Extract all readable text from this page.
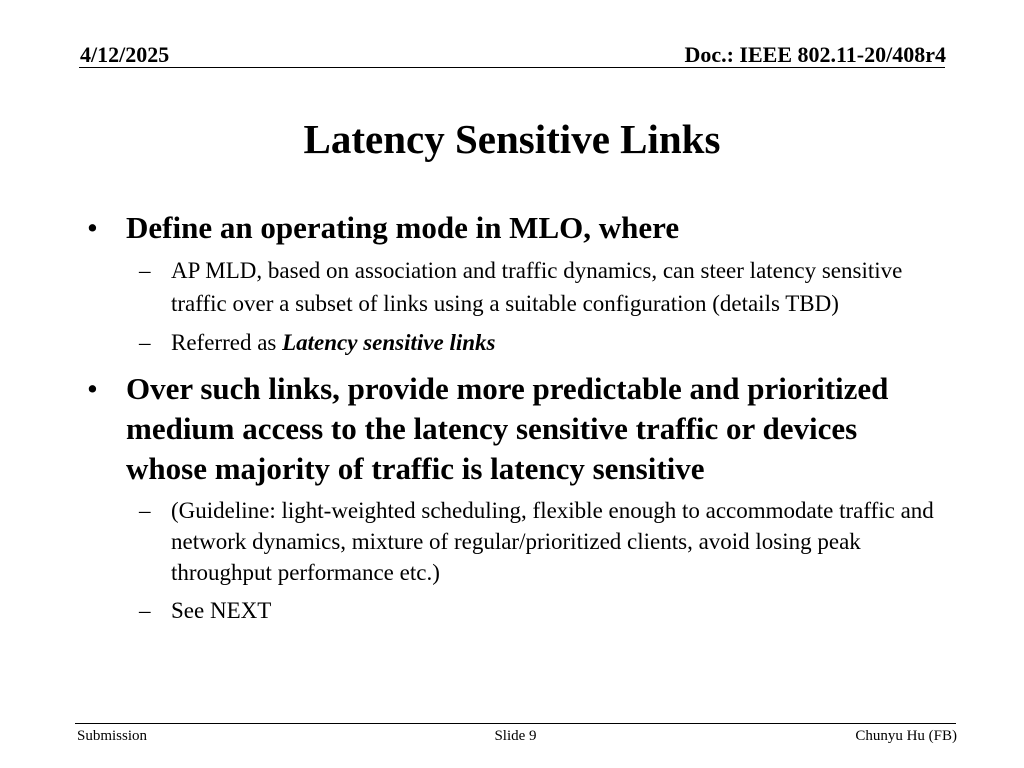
4/12/2025	Doc.: IEEE 802.11-20/408r4
Latency Sensitive Links
• Define an operating mode in MLO, where
– AP MLD, based on association and traffic dynamics, can steer latency sensitive traffic over a subset of links using a suitable configuration (details TBD)
– Referred as Latency sensitive links
• Over such links, provide more predictable and prioritized medium access to the latency sensitive traffic or devices whose majority of traffic is latency sensitive
– (Guideline: light-weighted scheduling, flexible enough to accommodate traffic and network dynamics, mixture of regular/prioritized clients, avoid losing peak throughput performance etc.)
– See NEXT
Submission	Slide 9	Chunyu Hu (FB)
